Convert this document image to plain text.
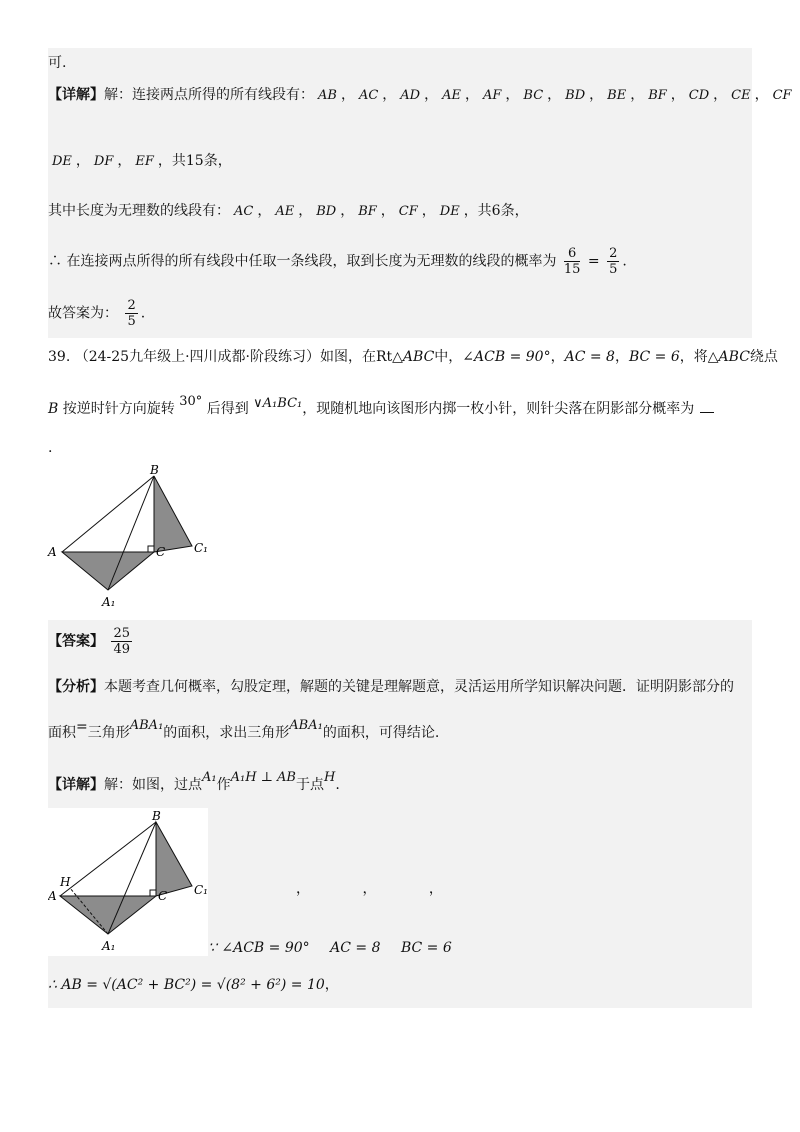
可.
【详解】解：连接两点所得的所有线段有： AB ， AC ， AD ， AE ， AF ， BC ， BD ， BE ， BF ， CD ， CE ， CF
DE ， DF ， EF ，共15条，
其中长度为无理数的线段有： AC ， AE ， BD ， BF ， CF ， DE ，共6条，
∴ 在连接两点所得的所有线段中任取一条线段，取到长度为无理数的线段的概率为 $\frac{6}{15} = \frac{2}{5}$ .
故答案为： $\frac{2}{5}$ .
39. （24-25九年级上·四川成都·阶段练习）如图，在Rt△ABC中，∠ACB = 90°，AC = 8，BC = 6，将△ABC绕点
B 按逆时针方向旋转 30° 后得到 ∨A₁BC₁，现随机地向该图形内掷一枚小针，则针尖落在阴影部分概率为
.
B
A	C C₁
A₁
【答案】 $\frac{25}{49}$
【分析】本题考查几何概率，勾股定理，解题的关键是理解题意，灵活运用所学知识解决问题．证明阴影部分的
面积=三角形ABA₁的面积，求出三角形ABA₁的面积，可得结论.
【详解】解：如图，过点A₁作A₁H ⊥ AB于点H.
B
H
A	C C₁
A₁
，	，	，
∵ ∠ACB = 90° AC = 8 BC = 6
∴ AB = √(AC² + BC²) = √(8² + 6²) = 10，
